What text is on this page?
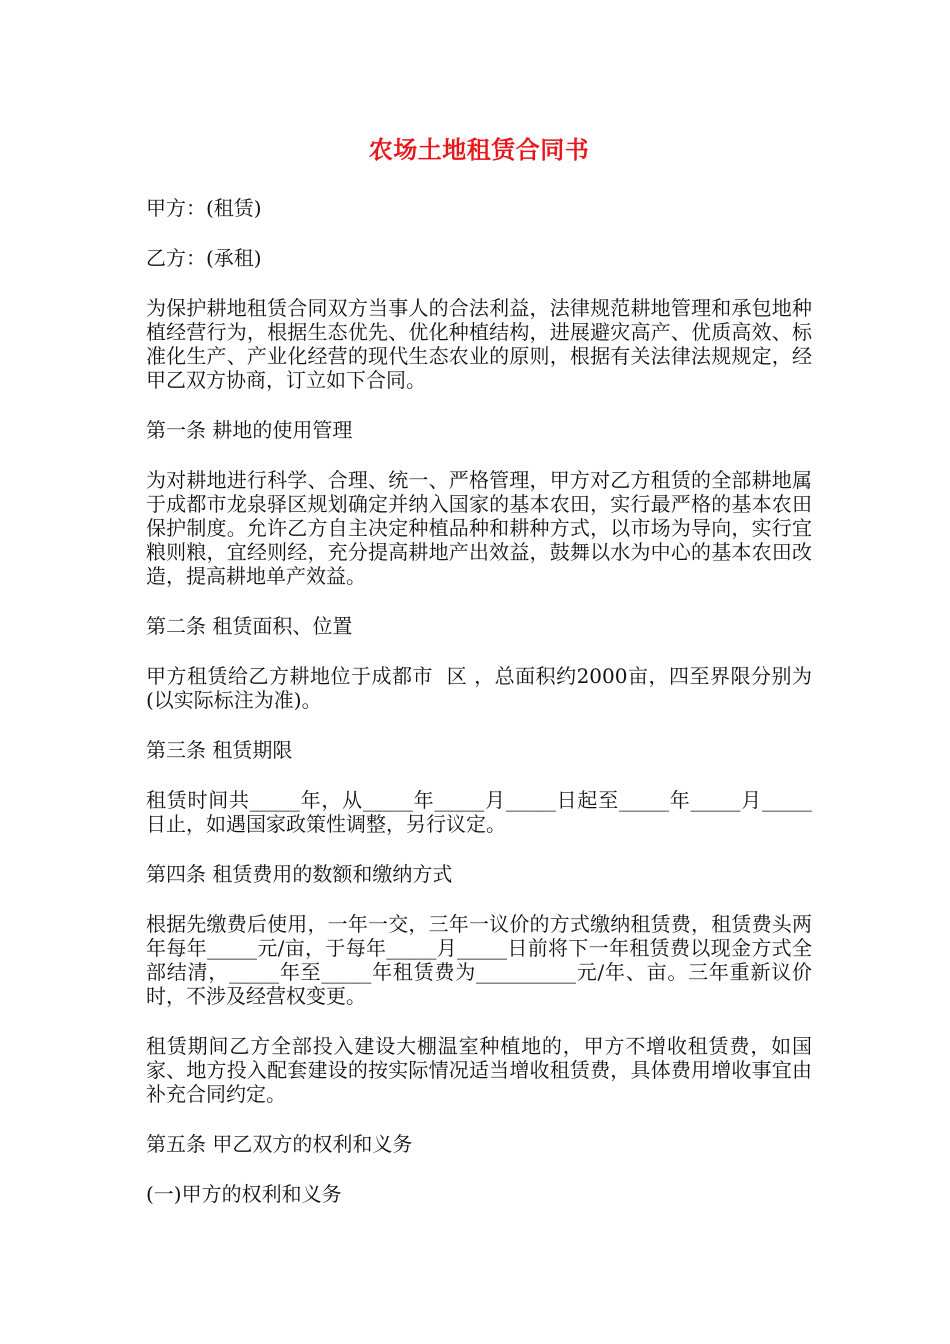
农场土地租赁合同书
甲方：(租赁)
乙方：(承租)
为保护耕地租赁合同双方当事人的合法利益，法律规范耕地管理和承包地种植经营行为，根据生态优先、优化种植结构，进展避灾高产、优质高效、标准化生产、产业化经营的现代生态农业的原则，根据有关法律法规规定，经甲乙双方协商，订立如下合同。
第一条 耕地的使用管理
为对耕地进行科学、合理、统一、严格管理，甲方对乙方租赁的全部耕地属于成都市龙泉驿区规划确定并纳入国家的基本农田，实行最严格的基本农田保护制度。允许乙方自主决定种植品种和耕种方式，以市场为导向，实行宜粮则粮，宜经则经，充分提高耕地产出效益，鼓舞以水为中心的基本农田改造，提高耕地单产效益。
第二条 租赁面积、位置
甲方租赁给乙方耕地位于成都市  区 ，总面积约2000亩，四至界限分别为(以实际标注为准)。
第三条 租赁期限
租赁时间共_____年，从_____年_____月_____日起至_____年_____月_____日止，如遇国家政策性调整，另行议定。
第四条 租赁费用的数额和缴纳方式
根据先缴费后使用，一年一交，三年一议价的方式缴纳租赁费，租赁费头两年每年_____元/亩，于每年_____月_____日前将下一年租赁费以现金方式全部结清，_____年至_____年租赁费为__________元/年、亩。三年重新议价时，不涉及经营权变更。
租赁期间乙方全部投入建设大棚温室种植地的，甲方不增收租赁费，如国家、地方投入配套建设的按实际情况适当增收租赁费，具体费用增收事宜由补充合同约定。
第五条 甲乙双方的权利和义务
(一)甲方的权利和义务
